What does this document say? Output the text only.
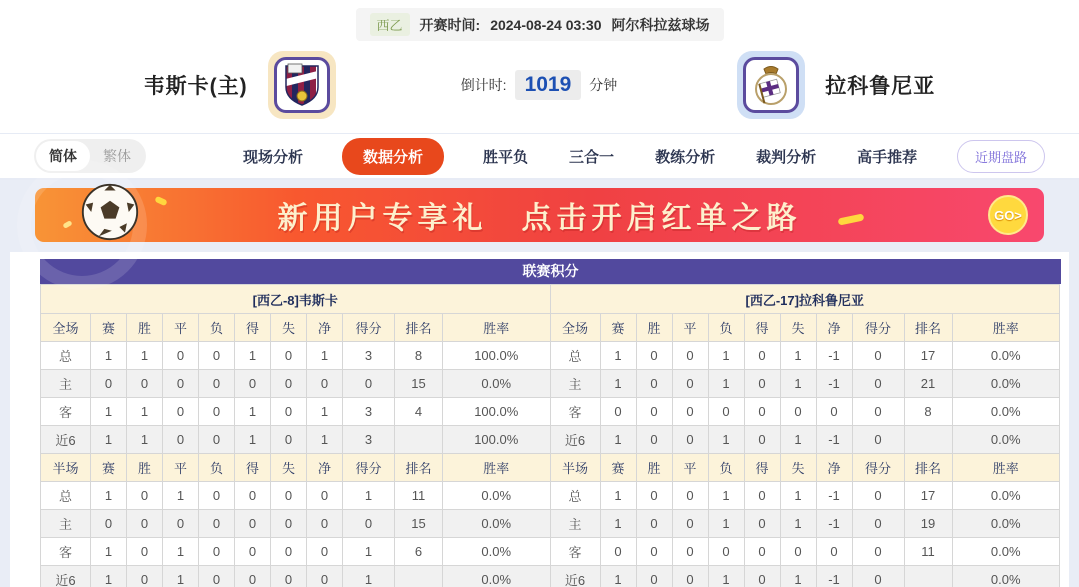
西乙	开赛时间: 2024-08-24 03:30 阿尔科拉兹球场
韦斯卡(主)	倒计时: 1019	分钟	拉科鲁尼亚
简体	繁体	现场分析	数据分析	胜平负	三合一	教练分析	裁判分析	高手推荐	近期盘路
新用户专享礼 点击开启红单之路	GO>
联赛积分
[西乙-8]韦斯卡										
全场	赛	胜	平	负	得	失	净	得分	排名	胜率
总	1	1	0	0	1	0	1	3	8	100.0%
主	0	0	0	0	0	0	0	0	15	0.0%
客	1	1	0	0	1	0	1	3	4	100.0%
近6	1	1	0	0	1	0	1	3		100.0%
半场	赛	胜	平	负	得	失	净	得分	排名	胜率
总	1	0	1	0	0	0	0	1	11	0.0%
主	0	0	0	0	0	0	0	0	15	0.0%
客	1	0	1	0	0	0	0	1	6	0.0%
近6	1	0	1	0	0	0	0	1		0.0%
[西乙-17]拉科鲁尼亚										
全场	赛	胜	平	负	得	失	净	得分	排名	胜率
总	1	0	0	1	0	1	-1	0	17	0.0%
主	1	0	0	1	0	1	-1	0	21	0.0%
客	0	0	0	0	0	0	0	0	8	0.0%
近6	1	0	0	1	0	1	-1	0		0.0%
半场	赛	胜	平	负	得	失	净	得分	排名	胜率
总	1	0	0	1	0	1	-1	0	17	0.0%
主	1	0	0	1	0	1	-1	0	19	0.0%
客	0	0	0	0	0	0	0	0	11	0.0%
近6	1	0	0	1	0	1	-1	0		0.0%
